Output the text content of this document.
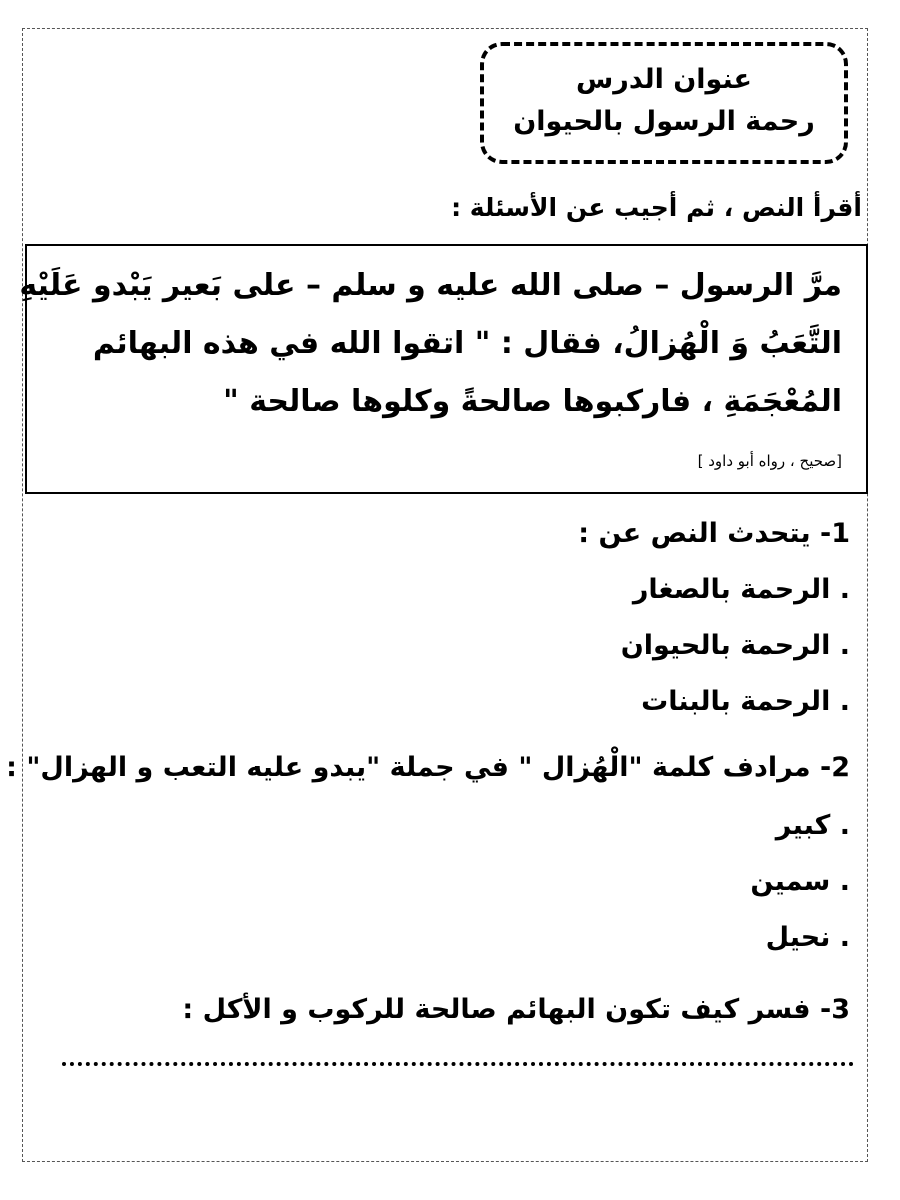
عنوان الدرس
رحمة الرسول بالحيوان
أقرأ النص ، ثم أجيب عن الأسئلة :
مرَّ الرسول – صلى الله عليه و سلم – على بَعير يَبْدو عَلَيْهِ
التَّعَبُ وَ الْهُزالُ، فقال : " اتقوا الله في هذه البهائم
المُعْجَمَةِ ، فاركبوها صالحةً وكلوها صالحة "
[صحيح ، رواه أبو داود ]
1- يتحدث النص عن :
. الرحمة بالصغار
. الرحمة بالحيوان
. الرحمة بالبنات
2- مرادف كلمة "الْهُزال " في جملة "يبدو عليه التعب و الهزال" :
. كبير
. سمين
. نحيل
3- فسر كيف تكون البهائم صالحة للركوب و الأكل :
